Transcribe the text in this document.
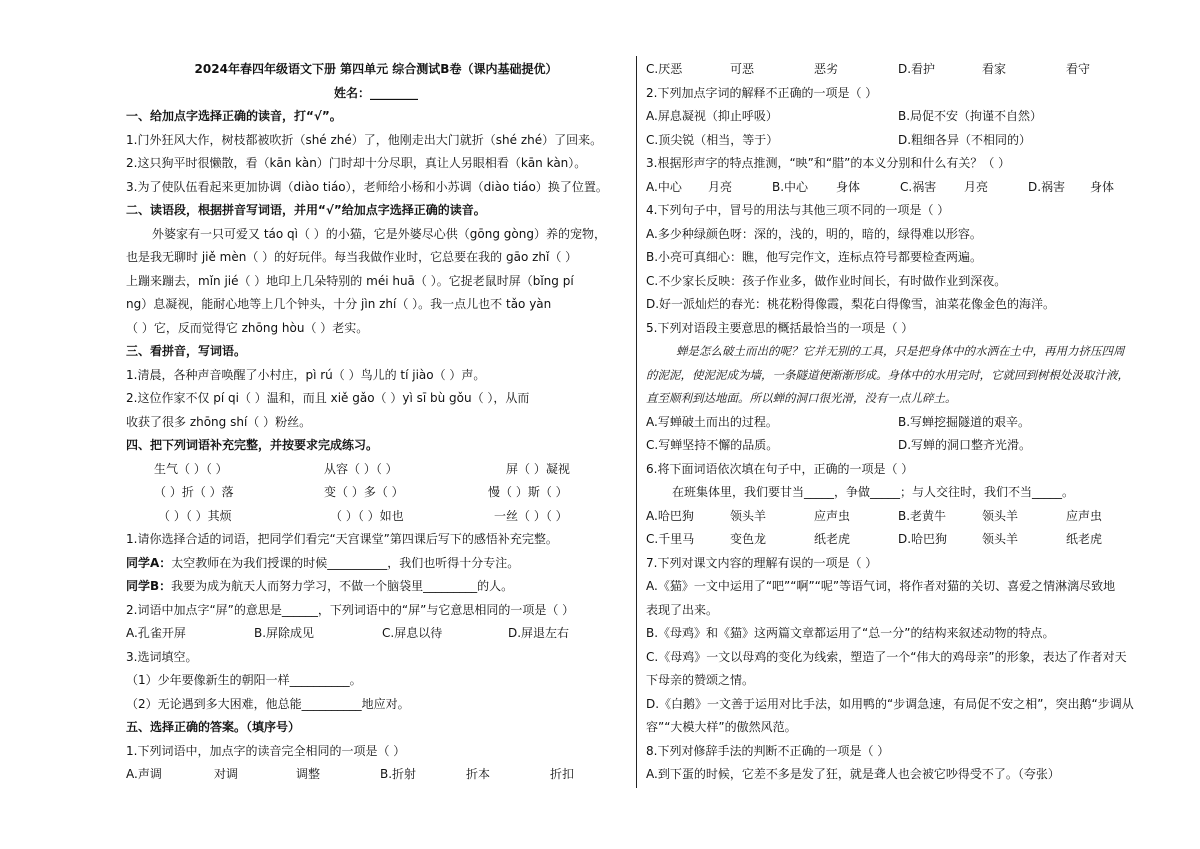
2024年春四年级语文下册 第四单元 综合测试B卷（课内基础提优）
姓名：________
一、给加点字选择正确的读音，打“√”。
1.门外狂风大作，树枝都被吹折（shé zhé）了，他刚走出大门就折（shé zhé）了回来。
2.这只狗平时很懒散，看（kān kàn）门时却十分尽职，真让人另眼相看（kān kàn）。
3.为了使队伍看起来更加协调（diào tiáo），老师给小杨和小苏调（diào tiáo）换了位置。
二、读语段，根据拼音写词语，并用“√”给加点字选择正确的读音。
外婆家有一只可爱又 táo qì（ ）的小猫，它是外婆尽心供（gōng gòng）养的宠物，
也是我无聊时 jiě mèn（ ）的好玩伴。每当我做作业时，它总要在我的 gāo zhǐ（ ）
上蹦来蹦去，mǐn jié（ ）地印上几朵特别的 méi huā（ ）。它捉老鼠时屏（bǐng pí
ng）息凝视，能耐心地等上几个钟头，十分 jìn zhí（ ）。我一点儿也不 tǎo yàn
（ ）它，反而觉得它 zhōng hòu（ ）老实。
三、看拼音，写词语。
1.清晨，各种声音唤醒了小村庄，pì rú（ ）鸟儿的 tí jiào（ ）声。
2.这位作家不仅 pí qi（ ）温和，而且 xiě gǎo（ ）yì sī bù gǒu（ ），从而
收获了很多 zhōng shí（ ）粉丝。
四、把下列词语补充完整，并按要求完成练习。
生气（ ）（ ）	从容（ ）（ ）	屏（ ）凝视
（ ）折（ ）落	变（ ）多（ ）	慢（ ）斯（ ）
（ ）（ ）其烦	（ ）（ ）如也	一丝（ ）（ ）
1.请你选择合适的词语，把同学们看完“天宫课堂”第四课后写下的感悟补充完整。
同学A：太空教师在为我们授课的时候__________，我们也听得十分专注。
同学B：我要为成为航天人而努力学习，不做一个脑袋里_________的人。
2.词语中加点字“屏”的意思是______，下列词语中的“屏”与它意思相同的一项是（ ）
A.孔雀开屏	B.屏除成见	C.屏息以待	D.屏退左右
3.选词填空。
（1）少年要像新生的朝阳一样__________。
（2）无论遇到多大困难，他总能__________地应对。
五、选择正确的答案。（填序号）
1.下列词语中，加点字的读音完全相同的一项是（ ）
A.声调	对调	调整	B.折射	折本	折扣
C.厌恶	可恶	恶劣	D.看护	看家	看守
2.下列加点字词的解释不正确的一项是（ ）
A.屏息凝视（抑止呼吸）	B.局促不安（拘谨不自然）
C.顶尖锐（相当，等于）	D.粗细各异（不相同的）
3.根据形声字的特点推测，“映”和“腊”的本义分别和什么有关？（ ）
A.中心 月亮	B.中心 身体	C.祸害 月亮	D.祸害 身体
4.下列句子中，冒号的用法与其他三项不同的一项是（ ）
A.多少种绿颜色呀：深的，浅的，明的，暗的，绿得难以形容。
B.小亮可真细心：瞧，他写完作文，连标点符号都要检查两遍。
C.不少家长反映：孩子作业多，做作业时间长，有时做作业到深夜。
D.好一派灿烂的春光：桃花粉得像霞，梨花白得像雪，油菜花像金色的海洋。
5.下列对语段主要意思的概括最恰当的一项是（ ）
蝉是怎么破土而出的呢？它并无别的工具，只是把身体中的水洒在土中，再用力挤压四周
的泥泥，使泥泥成为墙，一条隧道便渐渐形成。身体中的水用完时，它就回到树根处汲取汁液，
直至顺利到达地面。所以蝉的洞口很光滑，没有一点儿碎土。
A.写蝉破土而出的过程。	B.写蝉挖掘隧道的艰辛。
C.写蝉坚持不懈的品质。	D.写蝉的洞口整齐光滑。
6.将下面词语依次填在句子中，正确的一项是（ ）
在班集体里，我们要甘当_____，争做_____；与人交往时，我们不当_____。
A.哈巴狗	领头羊	应声虫	B.老黄牛	领头羊	应声虫
C.千里马	变色龙	纸老虎	D.哈巴狗	领头羊	纸老虎
7.下列对课文内容的理解有误的一项是（ ）
A.《猫》一文中运用了“吧”“啊”“呢”等语气词，将作者对猫的关切、喜爱之情淋漓尽致地
表现了出来。
B.《母鸡》和《猫》这两篇文章都运用了“总一分”的结构来叙述动物的特点。
C.《母鸡》一文以母鸡的变化为线索，塑造了一个“伟大的鸡母亲”的形象，表达了作者对天
下母亲的赞颂之情。
D.《白鹅》一文善于运用对比手法，如用鸭的“步调急速，有局促不安之相”，突出鹅“步调从
容”“大模大样”的傲然风范。
8.下列对修辞手法的判断不正确的一项是（ ）
A.到下蛋的时候，它差不多是发了狂，就是聋人也会被它吵得受不了。（夸张）
